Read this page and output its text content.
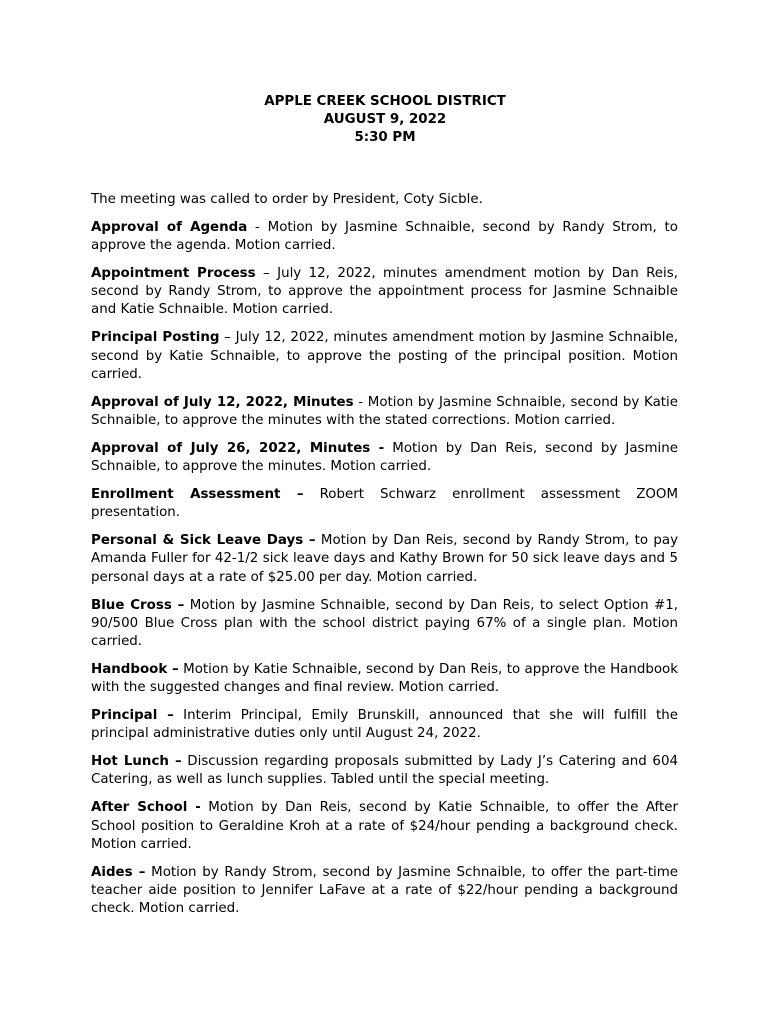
APPLE CREEK SCHOOL DISTRICT
AUGUST 9, 2022
5:30 PM

The meeting was called to order by President, Coty Sicble.

Approval of Agenda - Motion by Jasmine Schnaible, second by Randy Strom, to approve the agenda. Motion carried.

Appointment Process – July 12, 2022, minutes amendment motion by Dan Reis, second by Randy Strom, to approve the appointment process for Jasmine Schnaible and Katie Schnaible. Motion carried.

Principal Posting – July 12, 2022, minutes amendment motion by Jasmine Schnaible, second by Katie Schnaible, to approve the posting of the principal position. Motion carried.

Approval of July 12, 2022, Minutes - Motion by Jasmine Schnaible, second by Katie Schnaible, to approve the minutes with the stated corrections. Motion carried.

Approval of July 26, 2022, Minutes - Motion by Dan Reis, second by Jasmine Schnaible, to approve the minutes. Motion carried.

Enrollment Assessment – Robert Schwarz enrollment assessment ZOOM presentation.

Personal & Sick Leave Days – Motion by Dan Reis, second by Randy Strom, to pay Amanda Fuller for 42-1/2 sick leave days and Kathy Brown for 50 sick leave days and 5 personal days at a rate of $25.00 per day. Motion carried.

Blue Cross – Motion by Jasmine Schnaible, second by Dan Reis, to select Option #1, 90/500 Blue Cross plan with the school district paying 67% of a single plan. Motion carried.

Handbook – Motion by Katie Schnaible, second by Dan Reis, to approve the Handbook with the suggested changes and final review. Motion carried.

Principal – Interim Principal, Emily Brunskill, announced that she will fulfill the principal administrative duties only until August 24, 2022.

Hot Lunch – Discussion regarding proposals submitted by Lady J’s Catering and 604 Catering, as well as lunch supplies. Tabled until the special meeting.

After School - Motion by Dan Reis, second by Katie Schnaible, to offer the After School position to Geraldine Kroh at a rate of $24/hour pending a background check. Motion carried.

Aides – Motion by Randy Strom, second by Jasmine Schnaible, to offer the part-time teacher aide position to Jennifer LaFave at a rate of $22/hour pending a background check. Motion carried.
